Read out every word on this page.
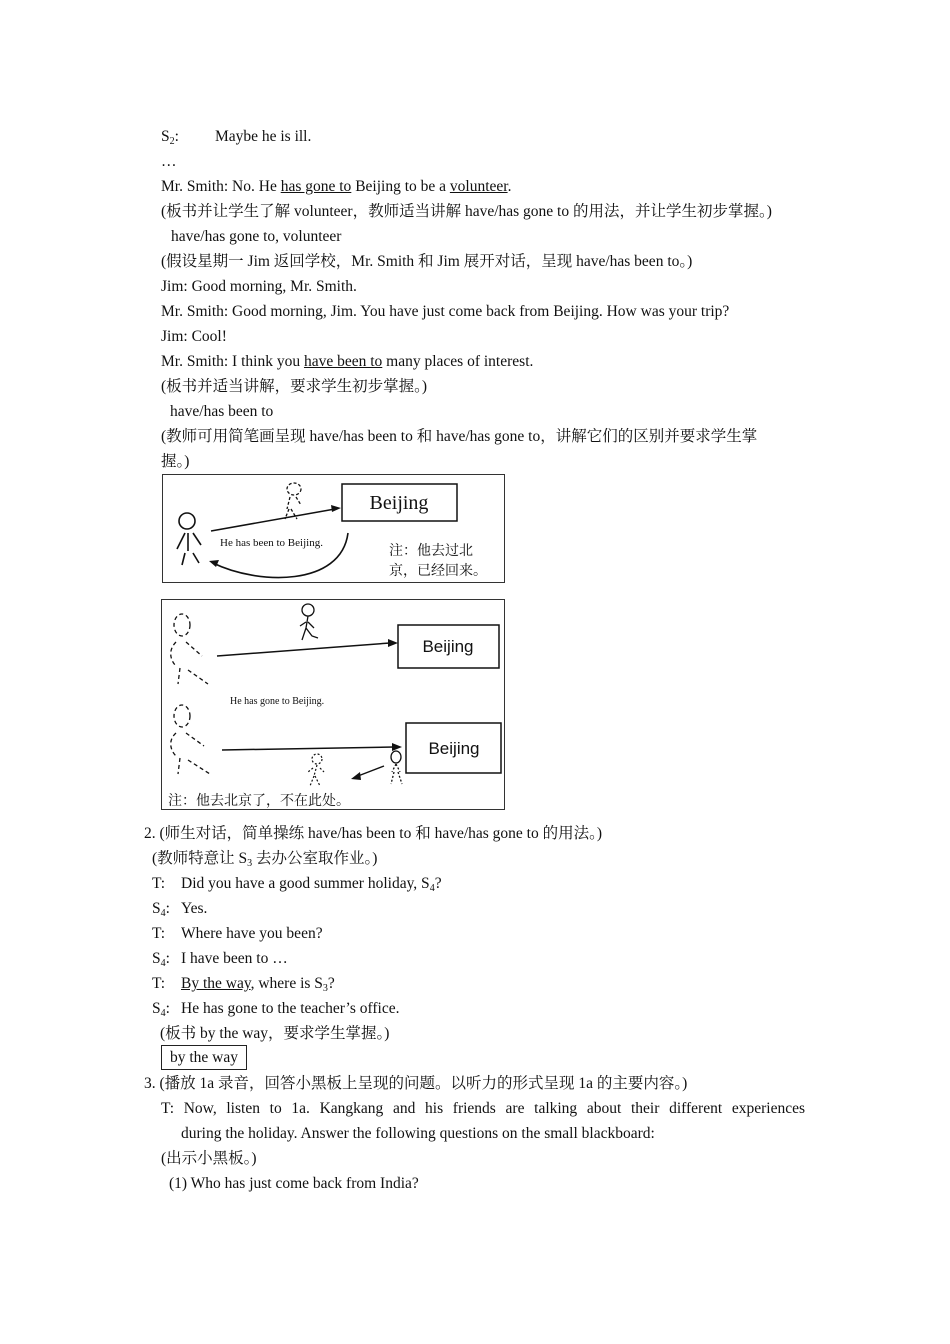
$S_2$: Maybe he is ill.
…
Mr. Smith: No. He has gone to Beijing to be a volunteer.
(板书并让学生了解 volunteer，教师适当讲解 have/has gone to 的用法，并让学生初步掌握。)
have/has gone to, volunteer
(假设星期一 Jim 返回学校，Mr. Smith 和 Jim 展开对话，呈现 have/has been to。)
Jim: Good morning, Mr. Smith.
Mr. Smith: Good morning, Jim. You have just come back from Beijing. How was your trip?
Jim: Cool!
Mr. Smith: I think you have been to many places of interest.
(板书并适当讲解，要求学生初步掌握。)
have/has been to
(教师可用简笔画呈现 have/has been to 和 have/has gone to，讲解它们的区别并要求学生掌
握。)
Beijing
He has been to Beijing.	注：他去过北
京，已经回来。
Beijing
He has gone to Beijing.
Beijing
注：他去北京了，不在此处。
2. (师生对话，简单操练 have/has been to 和 have/has gone to 的用法。)
(教师特意让 $S_3$ 去办公室取作业。)
T: Did you have a good summer holiday, $S_4$?
$S_4$: Yes.
T: Where have you been?
$S_4$: I have been to …
T: By the way, where is $S_3$?
$S_4$: He has gone to the teacher’s office.
(板书 by the way，要求学生掌握。)
by the way
3. (播放 1a 录音，回答小黑板上呈现的问题。以听力的形式呈现 1a 的主要内容。)
T: Now, listen to 1a. Kangkang and his friends are talking about their different experiences
during the holiday. Answer the following questions on the small blackboard:
(出示小黑板。)
(1) Who has just come back from India?
